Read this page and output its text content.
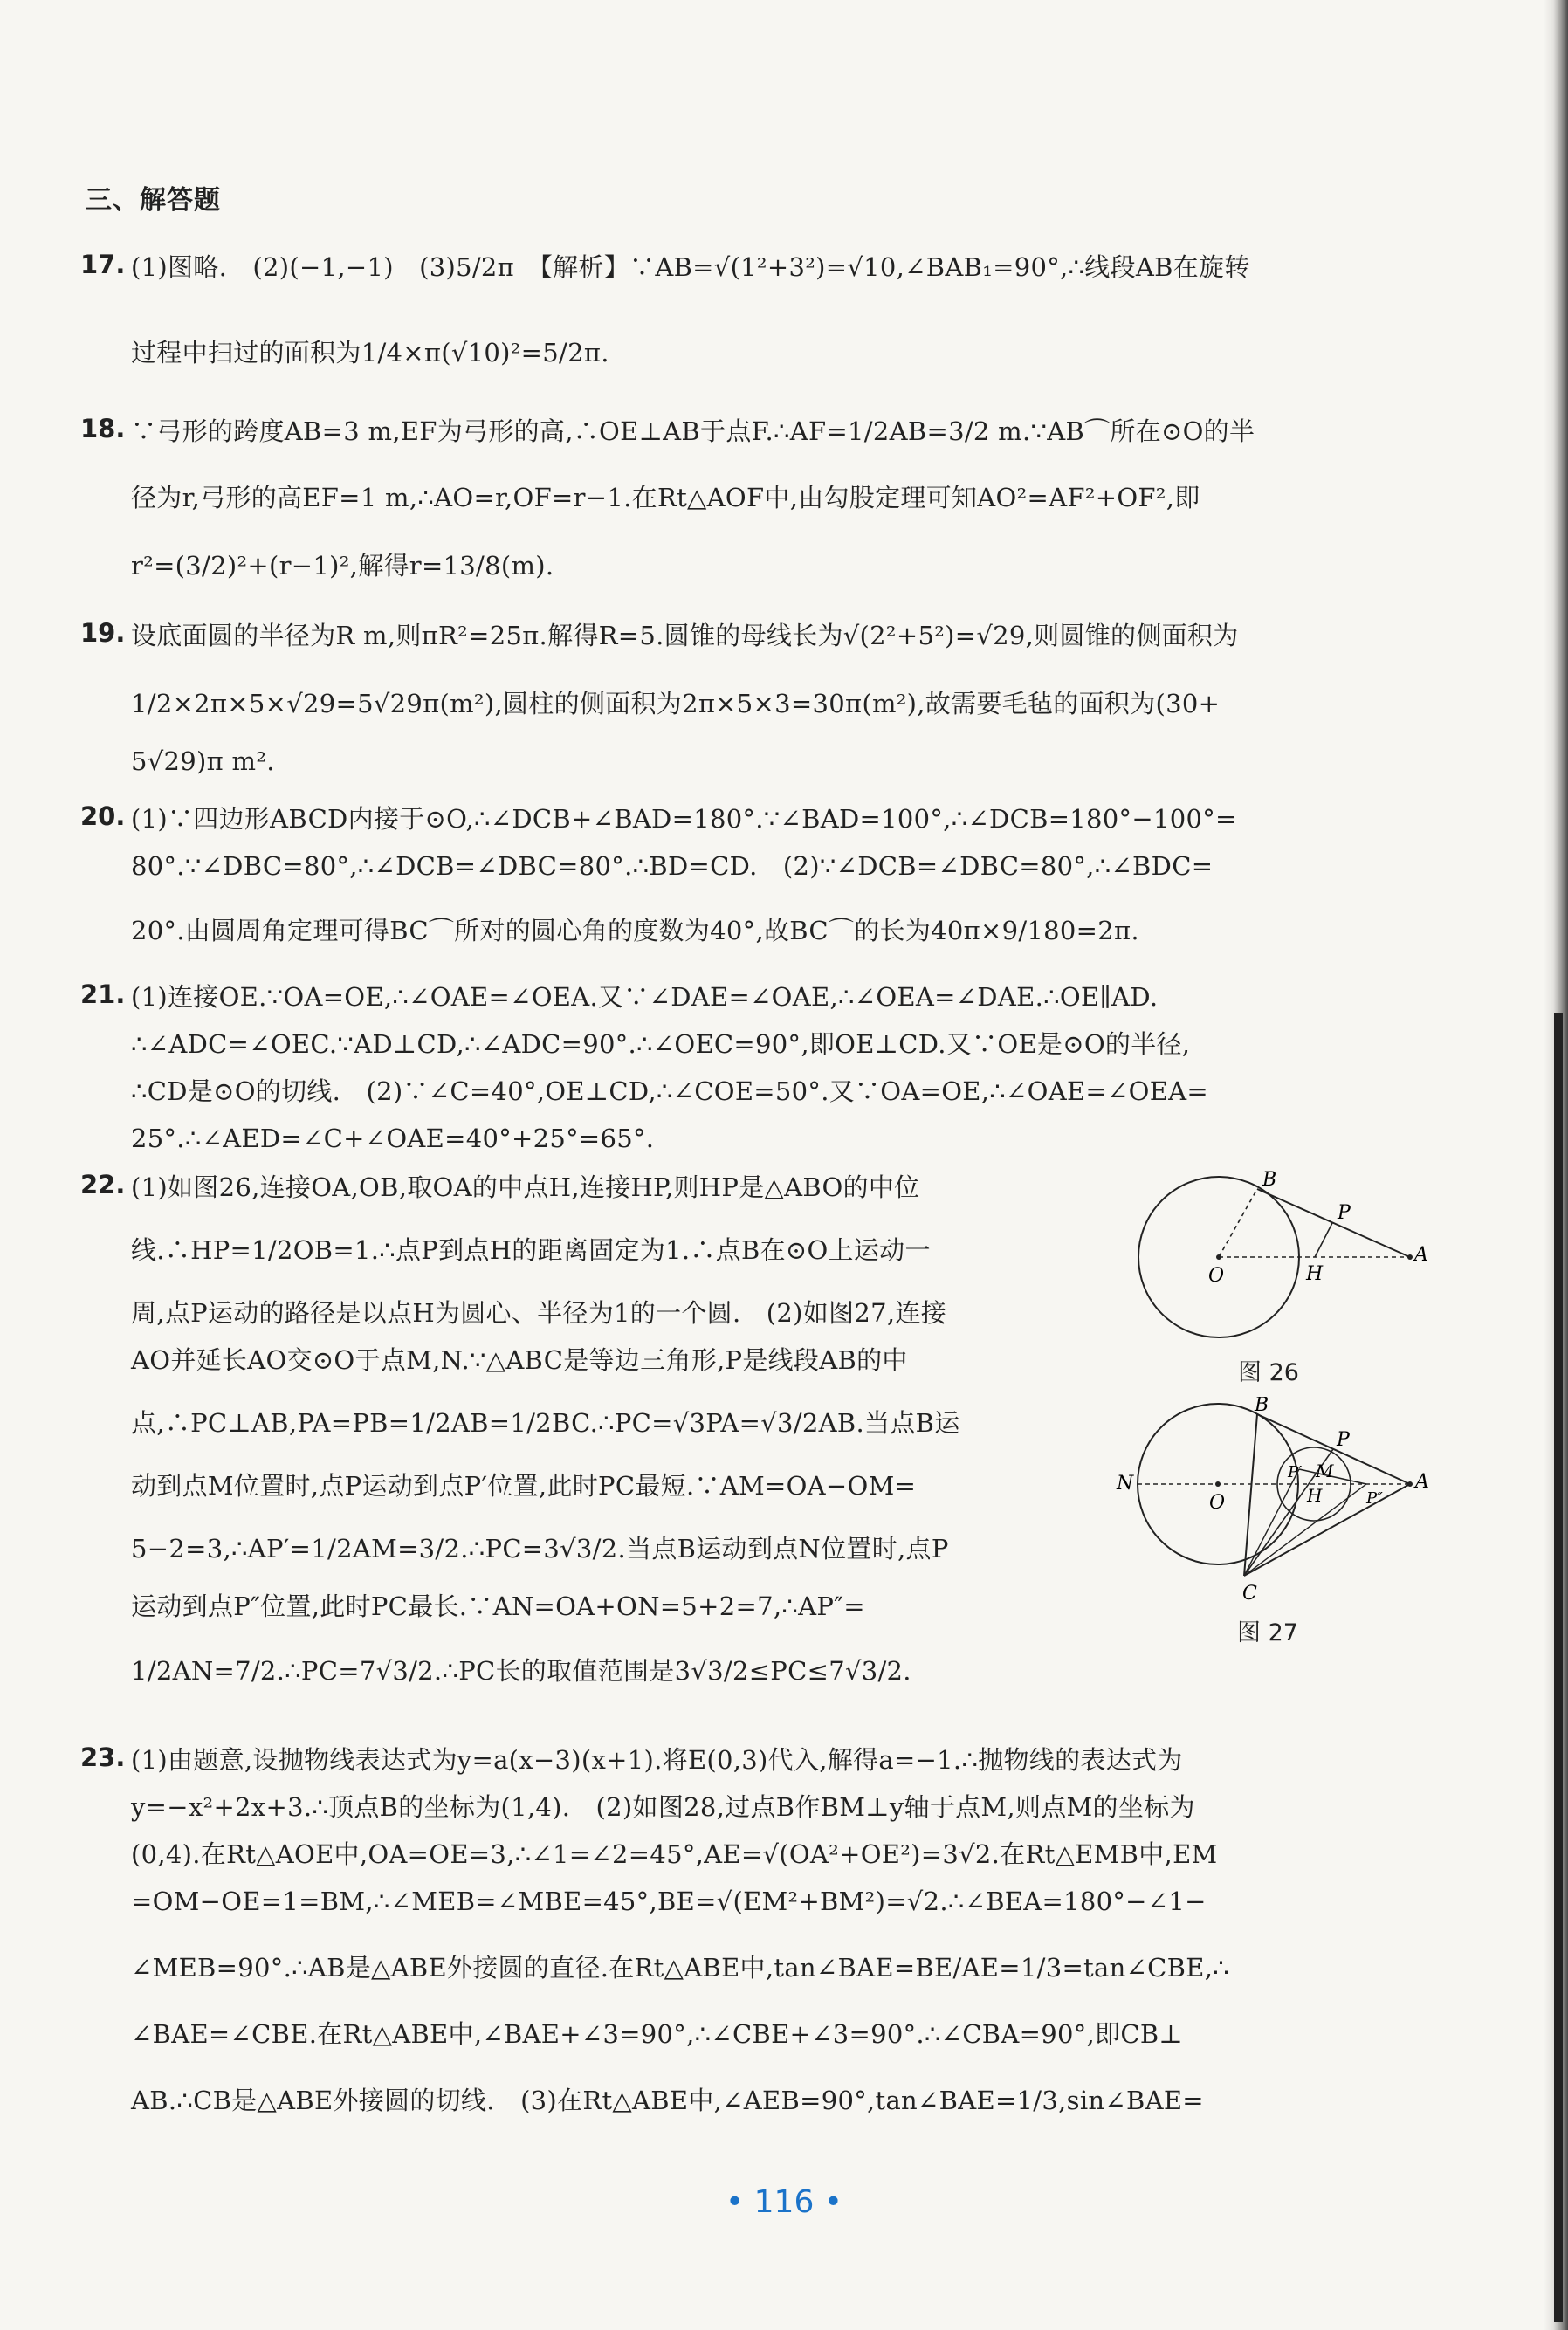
三、解答题
17. (1)图略.　(2)(−1,−1)　(3)5/2π　【解析】∵AB=√(1²+3²)=√10,∠BAB₁=90°,∴线段AB在旋转
过程中扫过的面积为1/4×π(√10)²=5/2π.
18. ∵弓形的跨度AB=3 m,EF为弓形的高,∴OE⊥AB于点F.∴AF=1/2AB=3/2 m.∵AB⌒所在⊙O的半
径为r,弓形的高EF=1 m,∴AO=r,OF=r−1.在Rt△AOF中,由勾股定理可知AO²=AF²+OF²,即
r²=(3/2)²+(r−1)²,解得r=13/8(m).
19. 设底面圆的半径为R m,则πR²=25π.解得R=5.圆锥的母线长为√(2²+5²)=√29,则圆锥的侧面积为
1/2×2π×5×√29=5√29π(m²),圆柱的侧面积为2π×5×3=30π(m²),故需要毛毡的面积为(30+
5√29)π m².
20. (1)∵四边形ABCD内接于⊙O,∴∠DCB+∠BAD=180°.∵∠BAD=100°,∴∠DCB=180°−100°=
80°.∵∠DBC=80°,∴∠DCB=∠DBC=80°.∴BD=CD.　(2)∵∠DCB=∠DBC=80°,∴∠BDC=
20°.由圆周角定理可得BC⌒所对的圆心角的度数为40°,故BC⌒的长为40π×9/180=2π.
21. (1)连接OE.∵OA=OE,∴∠OAE=∠OEA.又∵∠DAE=∠OAE,∴∠OEA=∠DAE.∴OE∥AD.
∴∠ADC=∠OEC.∵AD⊥CD,∴∠ADC=90°.∴∠OEC=90°,即OE⊥CD.又∵OE是⊙O的半径,
∴CD是⊙O的切线.　(2)∵∠C=40°,OE⊥CD,∴∠COE=50°.又∵OA=OE,∴∠OAE=∠OEA=
25°.∴∠AED=∠C+∠OAE=40°+25°=65°.
22. (1)如图26,连接OA,OB,取OA的中点H,连接HP,则HP是△ABO的中位
线.∴HP=1/2OB=1.∴点P到点H的距离固定为1.∴点B在⊙O上运动一
周,点P运动的路径是以点H为圆心、半径为1的一个圆.　(2)如图27,连接
AO并延长AO交⊙O于点M,N.∵△ABC是等边三角形,P是线段AB的中
点,∴PC⊥AB,PA=PB=1/2AB=1/2BC.∴PC=√3PA=√3/2AB.当点B运
动到点M位置时,点P运动到点P′位置,此时PC最短.∵AM=OA−OM=
5−2=3,∴AP′=1/2AM=3/2.∴PC=3√3/2.当点B运动到点N位置时,点P
运动到点P″位置,此时PC最长.∵AN=OA+ON=5+2=7,∴AP″=
1/2AN=7/2.∴PC=7√3/2.∴PC长的取值范围是3√3/2≤PC≤7√3/2.
B
P
A
O	H
图 26
B
P
A
N
O
M
H
C
P′
P″
图 27
23. (1)由题意,设抛物线表达式为y=a(x−3)(x+1).将E(0,3)代入,解得a=−1.∴抛物线的表达式为
y=−x²+2x+3.∴顶点B的坐标为(1,4).　(2)如图28,过点B作BM⊥y轴于点M,则点M的坐标为
(0,4).在Rt△AOE中,OA=OE=3,∴∠1=∠2=45°,AE=√(OA²+OE²)=3√2.在Rt△EMB中,EM
=OM−OE=1=BM,∴∠MEB=∠MBE=45°,BE=√(EM²+BM²)=√2.∴∠BEA=180°−∠1−
∠MEB=90°.∴AB是△ABE外接圆的直径.在Rt△ABE中,tan∠BAE=BE/AE=1/3=tan∠CBE,∴
∠BAE=∠CBE.在Rt△ABE中,∠BAE+∠3=90°,∴∠CBE+∠3=90°.∴∠CBA=90°,即CB⊥
AB.∴CB是△ABE外接圆的切线.　(3)在Rt△ABE中,∠AEB=90°,tan∠BAE=1/3,sin∠BAE=
• 116 •
